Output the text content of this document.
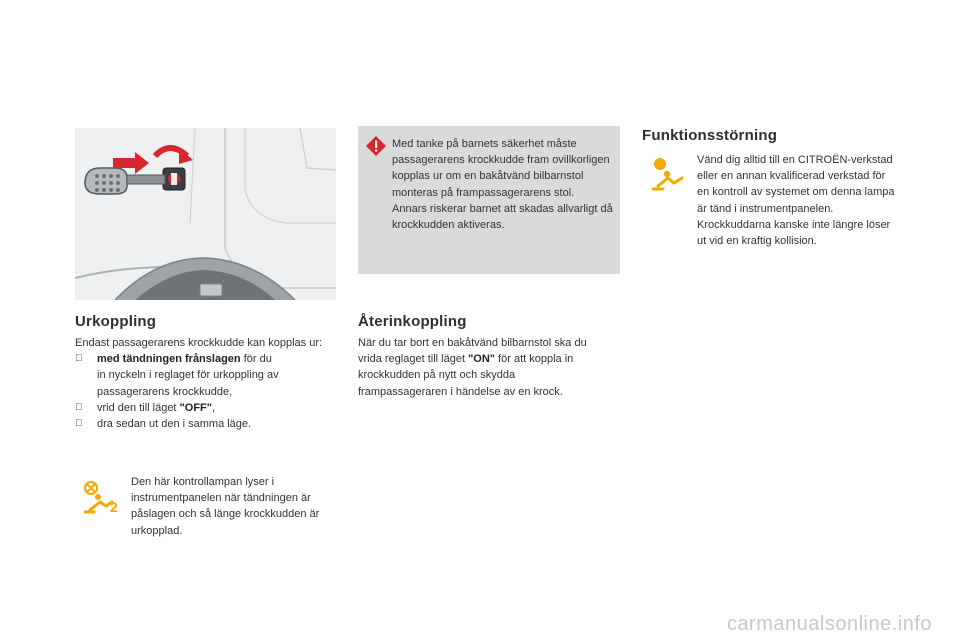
Med tanke på barnets säkerhet måste passagerarens krockkudde fram ovillkorligen kopplas ur om en bakåtvänd bilbarnstol monteras på frampassagerarens stol.
Annars riskerar barnet att skadas allvarligt då krockkudden aktiveras.
Urkoppling
Endast passagerarens krockkudde kan kopplas ur:
med tändningen frånslagen för du
in nyckeln i reglaget för urkoppling av
passagerarens krockkudde,
vrid den till läget "OFF",
dra sedan ut den i samma läge.
2
Den här kontrollampan lyser i instrumentpanelen när tändningen är påslagen och så länge krockkudden är urkopplad.
Återinkoppling
När du tar bort en bakåtvänd bilbarnstol ska du vrida reglaget till läget "ON" för att koppla in krockkudden på nytt och skydda frampassageraren i händelse av en krock.
Funktionsstörning
Vänd dig alltid till en CITROËN-verkstad eller en annan kvalificerad verkstad för en kontroll av systemet om denna lampa är tänd i instrumentpanelen. Krockkuddarna kanske inte längre löser ut vid en kraftig kollision.
carmanualsonline.info
